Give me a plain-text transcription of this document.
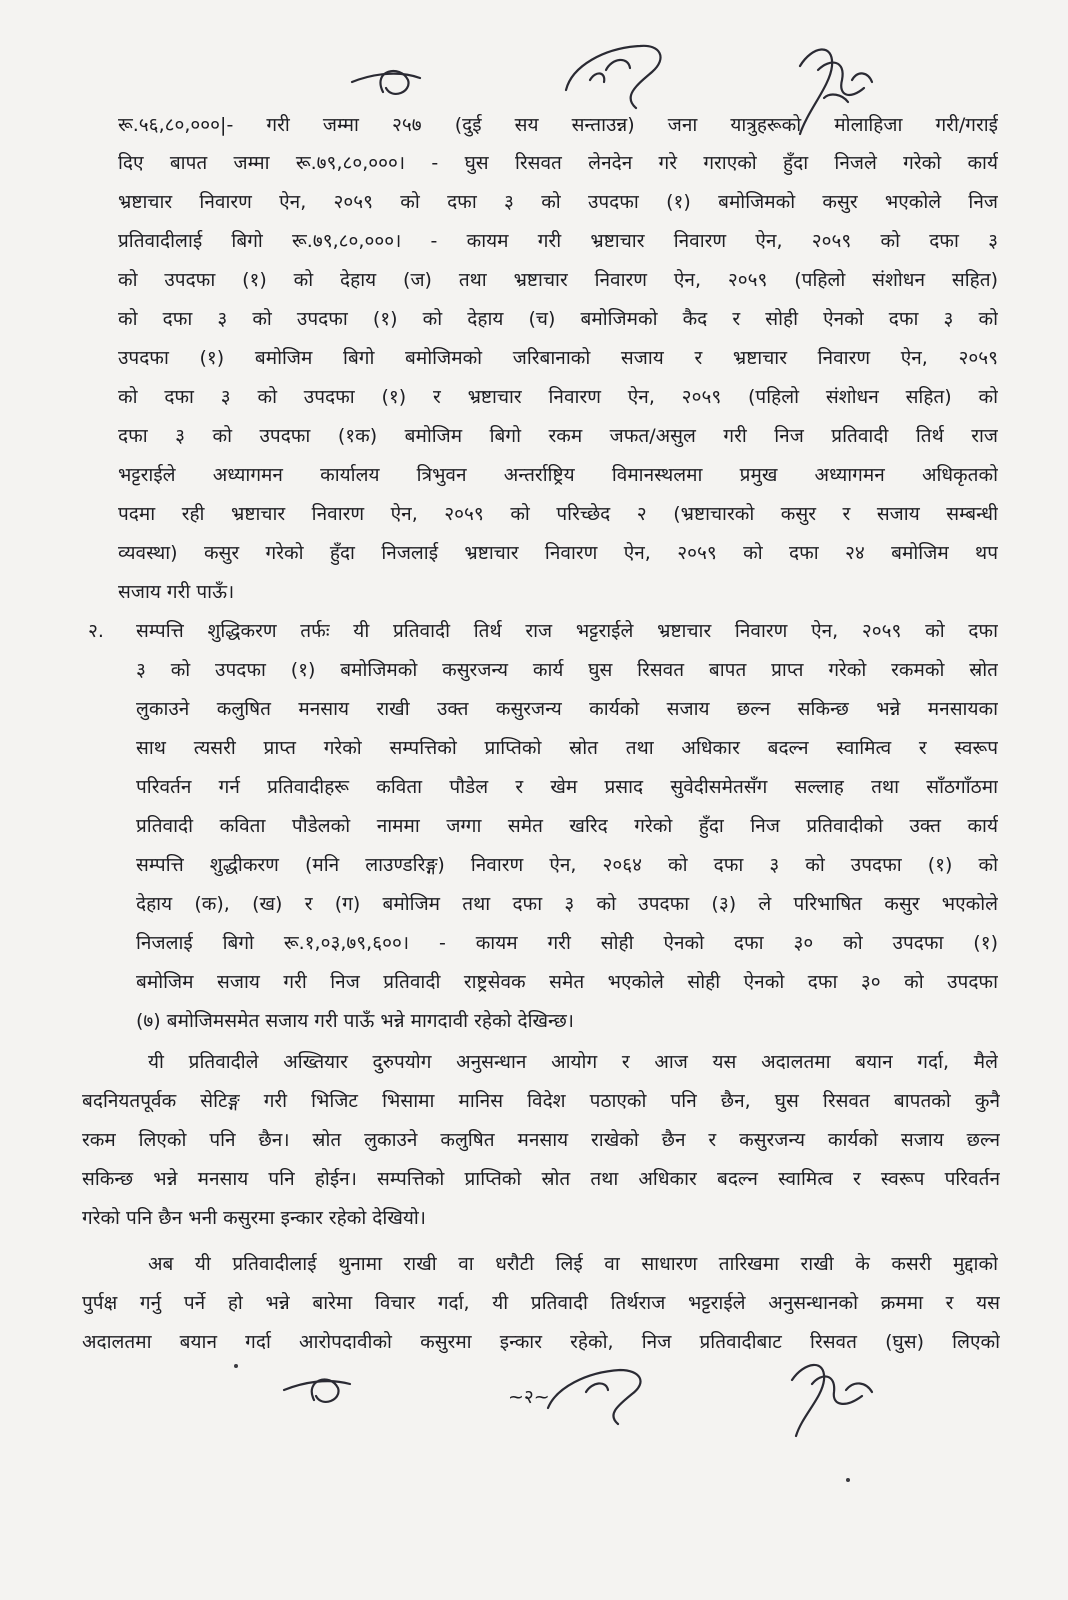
रू.५६,८०,०००|- गरी जम्मा २५७ (दुई सय सन्ताउन्न) जना यात्रुहरूको मोलाहिजा गरी/गराई
दिए बापत जम्मा रू.७९,८०,०००। - घुस रिसवत लेनदेन गरे गराएको हुँदा निजले गरेको कार्य
भ्रष्टाचार निवारण ऐन, २०५९ को दफा ३ को उपदफा (१) बमोजिमको कसुर भएकोले निज
प्रतिवादीलाई बिगो रू.७९,८०,०००। - कायम गरी भ्रष्टाचार निवारण ऐन, २०५९ को दफा ३
को उपदफा (१) को देहाय (ज) तथा भ्रष्टाचार निवारण ऐन, २०५९ (पहिलो संशोधन सहित)
को दफा ३ को उपदफा (१) को देहाय (च) बमोजिमको कैद र सोही ऐनको दफा ३ को
उपदफा (१) बमोजिम बिगो बमोजिमको जरिबानाको सजाय र भ्रष्टाचार निवारण ऐन, २०५९
को दफा ३ को उपदफा (१) र भ्रष्टाचार निवारण ऐन, २०५९ (पहिलो संशोधन सहित) को
दफा ३ को उपदफा (१क) बमोजिम बिगो रकम जफत/असुल गरी निज प्रतिवादी तिर्थ राज
भट्टराईले अध्यागमन कार्यालय त्रिभुवन अन्तर्राष्ट्रिय विमानस्थलमा प्रमुख अध्यागमन अधिकृतको
पदमा रही भ्रष्टाचार निवारण ऐन, २०५९ को परिच्छेद २ (भ्रष्टाचारको कसुर र सजाय सम्बन्धी
व्यवस्था) कसुर गरेको हुँदा निजलाई भ्रष्टाचार निवारण ऐन, २०५९ को दफा २४ बमोजिम थप
सजाय गरी पाऊँ।
२. सम्पत्ति शुद्धिकरण तर्फः यी प्रतिवादी तिर्थ राज भट्टराईले भ्रष्टाचार निवारण ऐन, २०५९ को दफा
३ को उपदफा (१) बमोजिमको कसुरजन्य कार्य घुस रिसवत बापत प्राप्त गरेको रकमको स्रोत
लुकाउने कलुषित मनसाय राखी उक्त कसुरजन्य कार्यको सजाय छल्न सकिन्छ भन्ने मनसायका
साथ त्यसरी प्राप्त गरेको सम्पत्तिको प्राप्तिको स्रोत तथा अधिकार बदल्न स्वामित्व र स्वरूप
परिवर्तन गर्न प्रतिवादीहरू कविता पौडेल र खेम प्रसाद सुवेदीसमेतसँग सल्लाह तथा साँठगाँठमा
प्रतिवादी कविता पौडेलको नाममा जग्गा समेत खरिद गरेको हुँदा निज प्रतिवादीको उक्त कार्य
सम्पत्ति शुद्धीकरण (मनि लाउण्डरिङ्ग) निवारण ऐन, २०६४ को दफा ३ को उपदफा (१) को
देहाय (क), (ख) र (ग) बमोजिम तथा दफा ३ को उपदफा (३) ले परिभाषित कसुर भएकोले
निजलाई बिगो रू.१,०३,७९,६००। - कायम गरी सोही ऐनको दफा ३० को उपदफा (१)
बमोजिम सजाय गरी निज प्रतिवादी राष्ट्रसेवक समेत भएकोले सोही ऐनको दफा ३० को उपदफा
(७) बमोजिमसमेत सजाय गरी पाऊँ भन्ने मागदावी रहेको देखिन्छ।
यी प्रतिवादीले अख्तियार दुरुपयोग अनुसन्धान आयोग र आज यस अदालतमा बयान गर्दा, मैले
बदनियतपूर्वक सेटिङ्ग गरी भिजिट भिसामा मानिस विदेश पठाएको पनि छैन, घुस रिसवत बापतको कुनै
रकम लिएको पनि छैन। स्रोत लुकाउने कलुषित मनसाय राखेको छैन र कसुरजन्य कार्यको सजाय छल्न
सकिन्छ भन्ने मनसाय पनि होईन। सम्पत्तिको प्राप्तिको स्रोत तथा अधिकार बदल्न स्वामित्व र स्वरूप परिवर्तन
गरेको पनि छैन भनी कसुरमा इन्कार रहेको देखियो।
अब यी प्रतिवादीलाई थुनामा राखी वा धरौटी लिई वा साधारण तारिखमा राखी के कसरी मुद्दाको
पुर्पक्ष गर्नु पर्ने हो भन्ने बारेमा विचार गर्दा, यी प्रतिवादी तिर्थराज भट्टराईले अनुसन्धानको क्रममा र यस
अदालतमा बयान गर्दा आरोपदावीको कसुरमा इन्कार रहेको, निज प्रतिवादीबाट रिसवत (घुस) लिएको
~२~
